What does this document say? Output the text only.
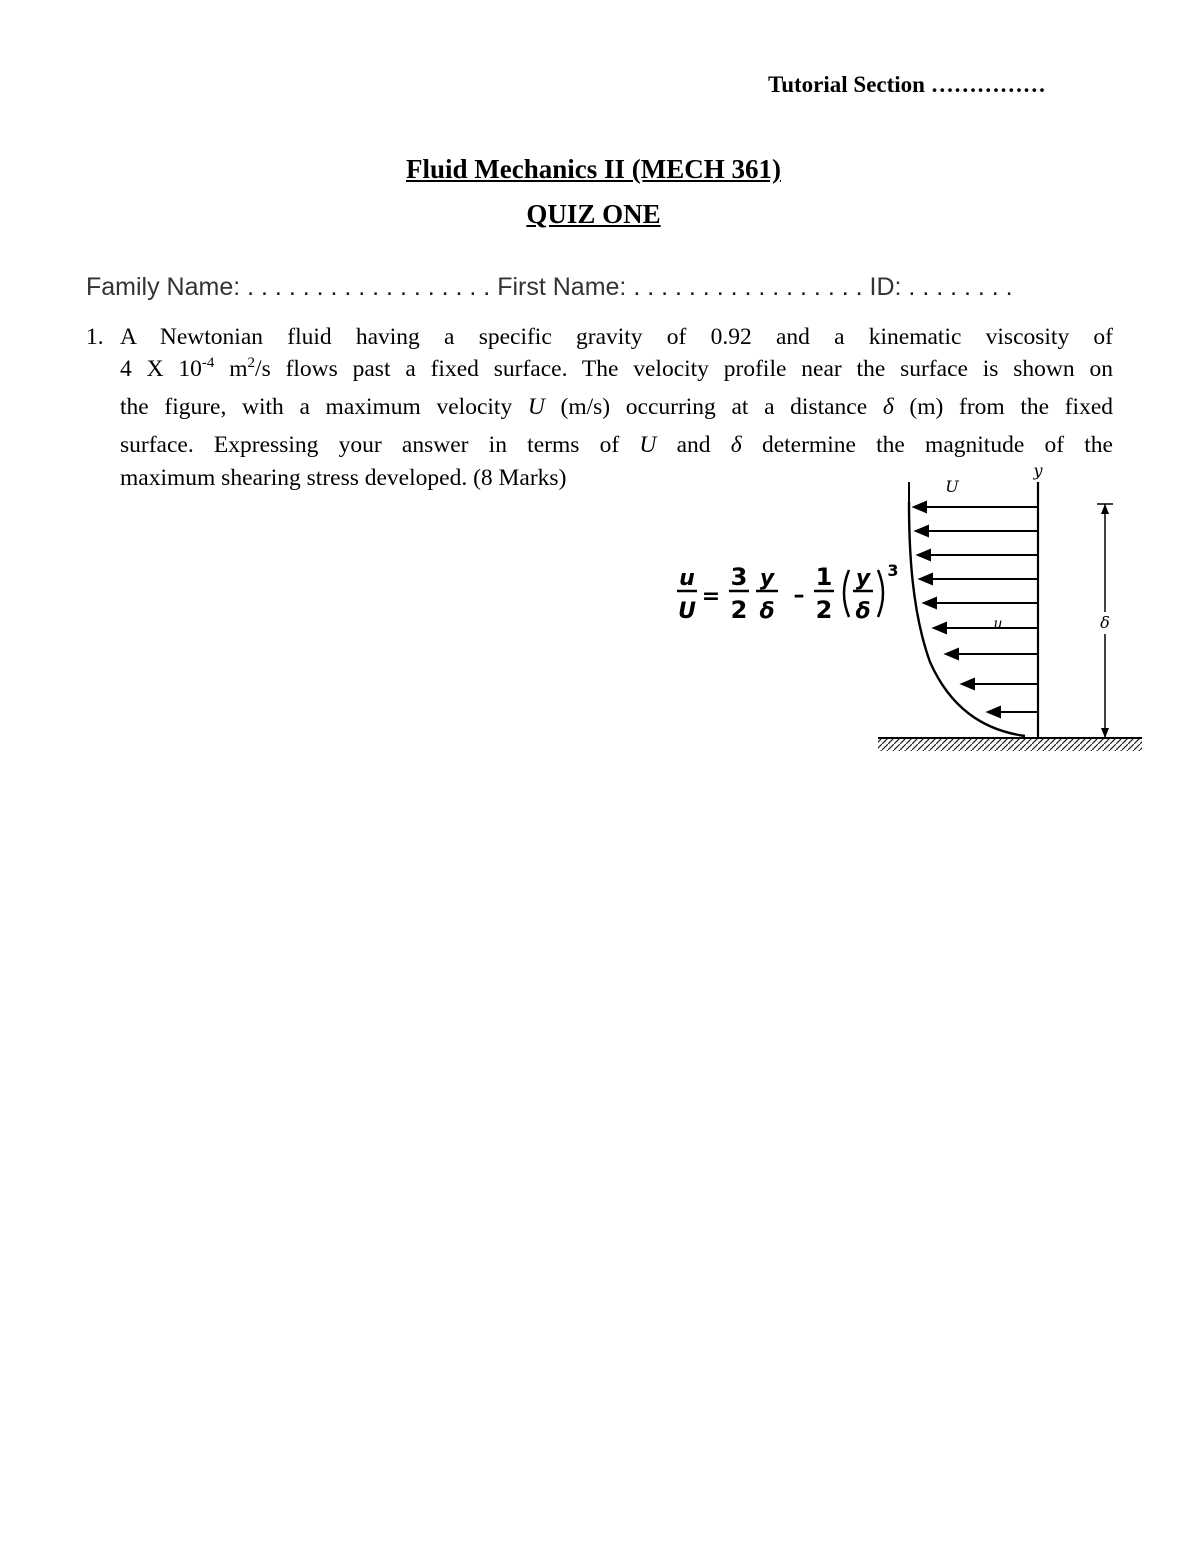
Tutorial Section ……………
Fluid Mechanics II (MECH 361)
QUIZ ONE
Family Name: . . . . . . . . . . . . . . . . . . First Name: . . . . . . . . . . . . . . . . . ID: . . . . . . . .
1. A Newtonian fluid having a specific gravity of 0.92 and a kinematic viscosity of
4 X $10^{-4}$ $m^2/s$ flows past a fixed surface. The velocity profile near the surface is shown on
the figure, with a maximum velocity U (m/s) occurring at a distance δ (m) from the fixed
surface. Expressing your answer in terms of U and δ determine the magnitude of the
maximum shearing stress developed. (8 Marks)
u
U
=
3
2
y
δ
–
1
2
y
δ
3
U
y
u	δ
